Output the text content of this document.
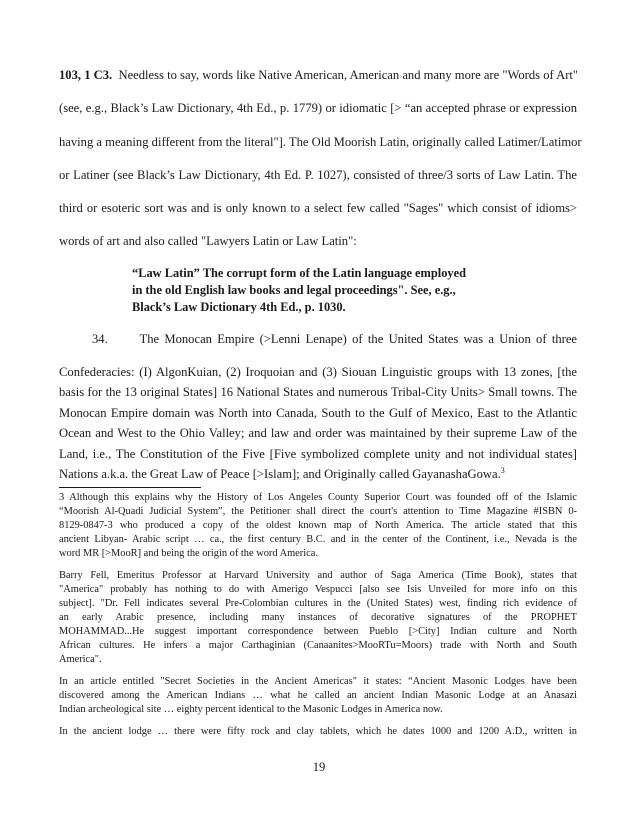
103, 1 C3. Needless to say, words like Native American, American and many more are "Words of Art"
(see, e.g., Black’s Law Dictionary, 4th Ed., p. 1779) or idiomatic [> “an accepted phrase or expression
having a meaning different from the literal"]. The Old Moorish Latin, originally called Latimer/Latimor
or Latiner (see Black’s Law Dictionary, 4th Ed. P. 1027), consisted of three/3 sorts of Law Latin. The
third or esoteric sort was and is only known to a select few called "Sages" which consist of idioms>
words of art and also called "Lawyers Latin or Law Latin":
“Law Latin” The corrupt form of the Latin language employed
in the old English law books and legal proceedings". See, e.g.,
Black’s Law Dictionary 4th Ed., p. 1030.
34.	The Monocan Empire (>Lenni Lenape) of the United States was a Union of three
3 Although this explains why the History of Los Angeles County Superior Court was founded off of the Islamic
“Moorish Al-Quadi Judicial System”, the Petitioner shall direct the court's attention to Time Magazine #ISBN 0-
8129-0847-3 who produced a copy of the oldest known map of North America. The article stated that this
ancient Libyan- Arabic script … ca., the first century B.C. and in the center of the Continent, i.e., Nevada is the
word MR [>MooR] and being the origin of the word America.
Barry Fell, Emeritus Professor at Harvard University and author of Saga America (Time Book), states that
"America" probably has nothing to do with Amerigo Vespucci [also see Isis Unveiled for more info on this
subject]. "Dr. Fell indicates several Pre-Colombian cultures in the (United States) west, finding rich evidence of
an early Arabic presence, including many instances of decorative signatures of the PROPHET
MOHAMMAD...He suggest important correspondence between Pueblo [>City] Indian culture and North
African cultures. He infers a major Carthaginian (Canaanites>MooRTu=Moors) trade with North and South
America".
In an article entitled "Secret Societies in the Ancient Americas" it states: “Ancient Masonic Lodges have been
discovered among the American Indians … what he called an ancient Indian Masonic Lodge at an Anasazi
Indian archeological site … eighty percent identical to the Masonic Lodges in America now.
In the ancient lodge … there were fifty rock and clay tablets, which he dates 1000 and 1200 A.D., written in
19
Confederacies: (I) AlgonKuian, (2) Iroquoian and (3) Siouan Linguistic groups with 13 zones, [the
basis for the 13 original States] 16 National States and numerous Tribal-City Units> Small towns. The
Monocan Empire domain was North into Canada, South to the Gulf of Mexico, East to the Atlantic
Ocean and West to the Ohio Valley; and law and order was maintained by their supreme Law of the
Land, i.e., The Constitution of the Five [Five symbolized complete unity and not individual states]
Nations a.k.a. the Great Law of Peace [>Islam]; and Originally called GayanashaGowa.$^3$
